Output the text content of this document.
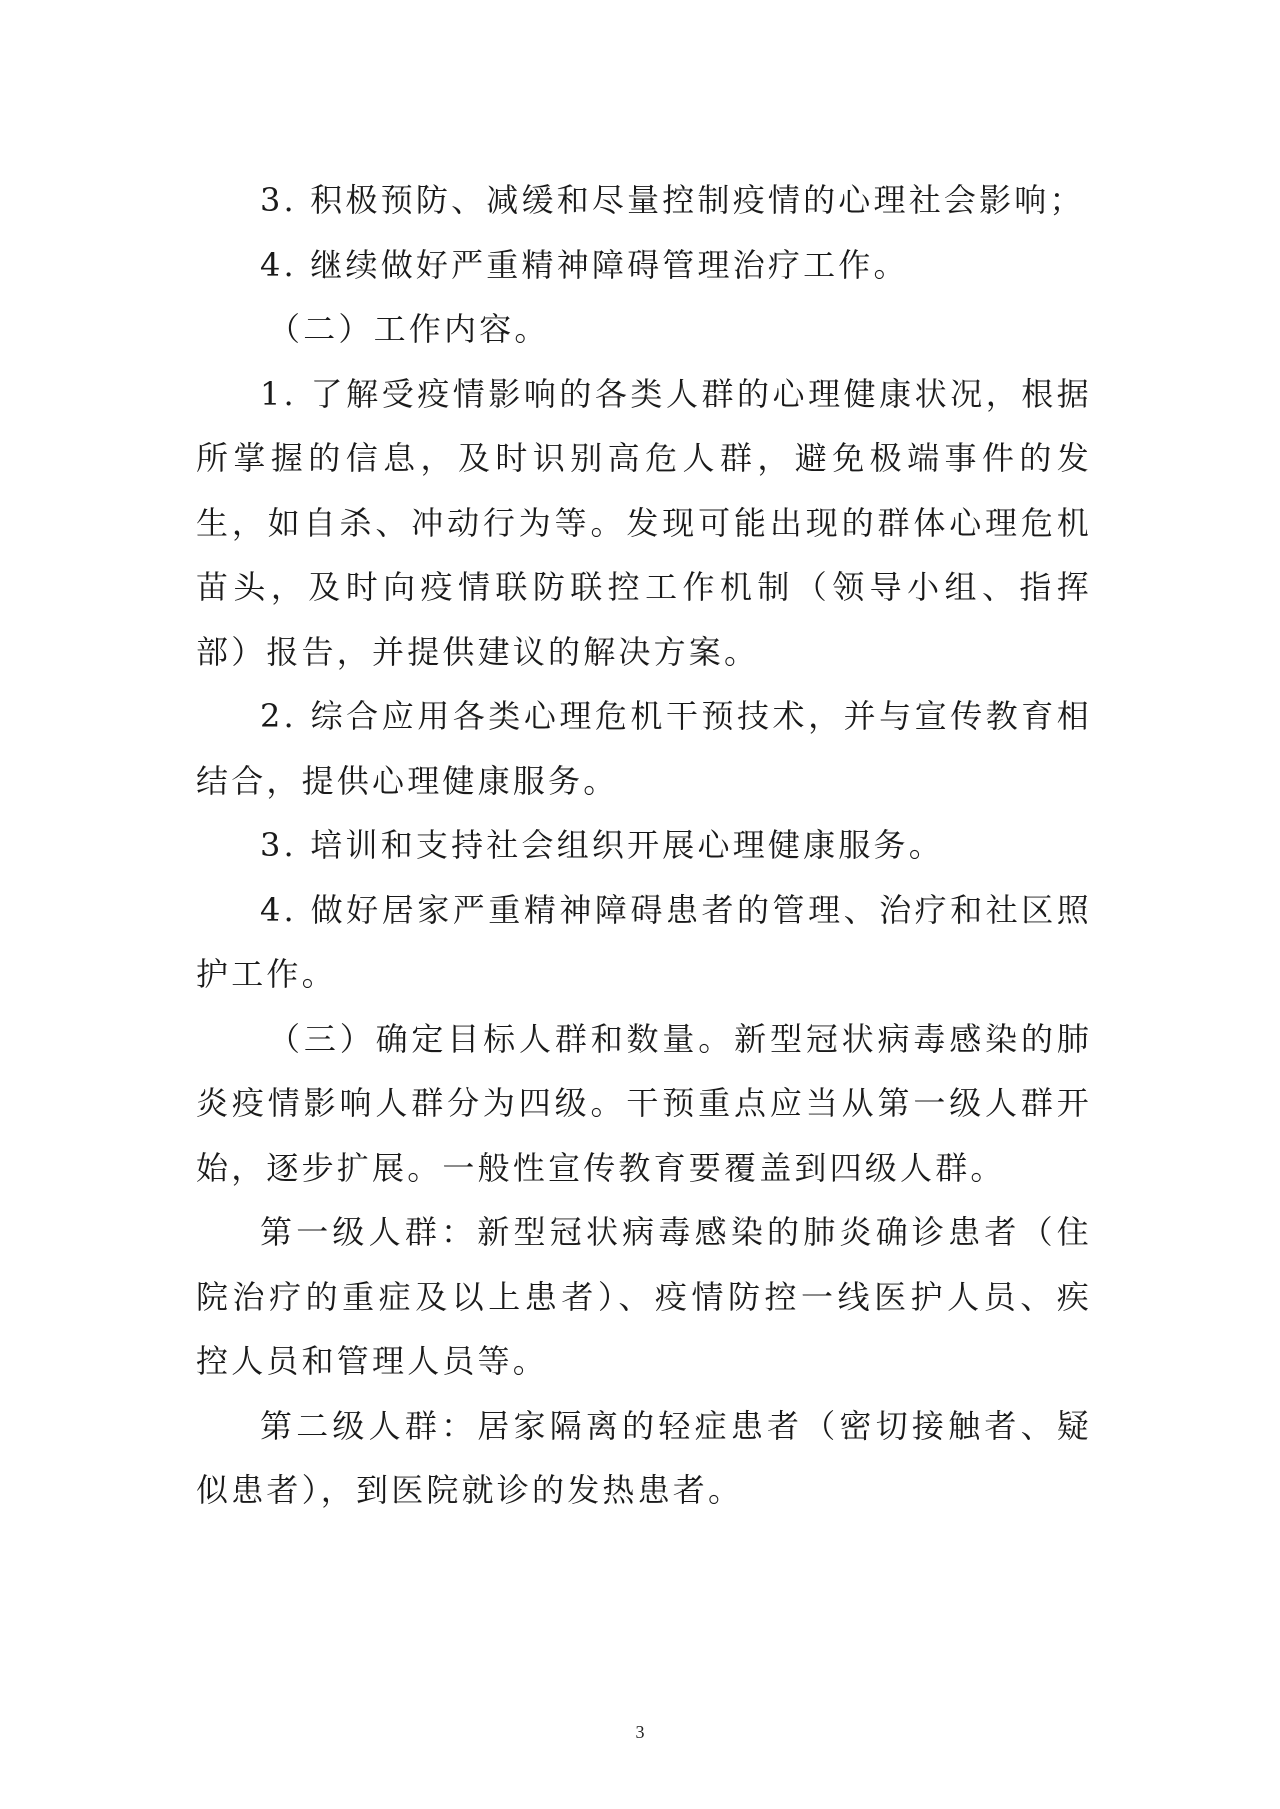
3. 积极预防、减缓和尽量控制疫情的心理社会影响；

4. 继续做好严重精神障碍管理治疗工作。

（二）工作内容。

1. 了解受疫情影响的各类人群的心理健康状况，根据所掌握的信息，及时识别高危人群，避免极端事件的发生，如自杀、冲动行为等。发现可能出现的群体心理危机苗头，及时向疫情联防联控工作机制（领导小组、指挥部）报告，并提供建议的解决方案。

2. 综合应用各类心理危机干预技术，并与宣传教育相结合，提供心理健康服务。

3. 培训和支持社会组织开展心理健康服务。

4. 做好居家严重精神障碍患者的管理、治疗和社区照护工作。

（三）确定目标人群和数量。新型冠状病毒感染的肺炎疫情影响人群分为四级。干预重点应当从第一级人群开始，逐步扩展。一般性宣传教育要覆盖到四级人群。

第一级人群：新型冠状病毒感染的肺炎确诊患者（住院治疗的重症及以上患者）、疫情防控一线医护人员、疾控人员和管理人员等。

第二级人群：居家隔离的轻症患者（密切接触者、疑似患者），到医院就诊的发热患者。

3
